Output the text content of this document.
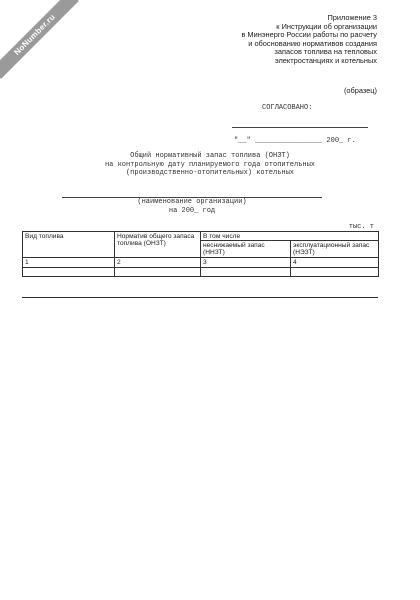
NoNumber.ru	Приложение 3
к Инструкции об организации
в Минэнерго России работы по расчету
и обоснованию нормативов создания
запасов топлива на тепловых
электростанциях и котельных
(образец)
СОГЛАСОВАНО:
"__" ________________ 200_ г.
Общий нормативный запас топлива (ОНЗТ)
на контрольную дату планируемого года отопительных
(производственно-отопительных) котельных
(наименование организации)
на 200_ год
тыс. т
Вид топлива	Норматив общего запаса топлива (ОНЗТ)	В том числе	
		неснижаемый запас (ННЗТ)	эксплуатационный запас (НЭЗТ)
1	2	3	4
